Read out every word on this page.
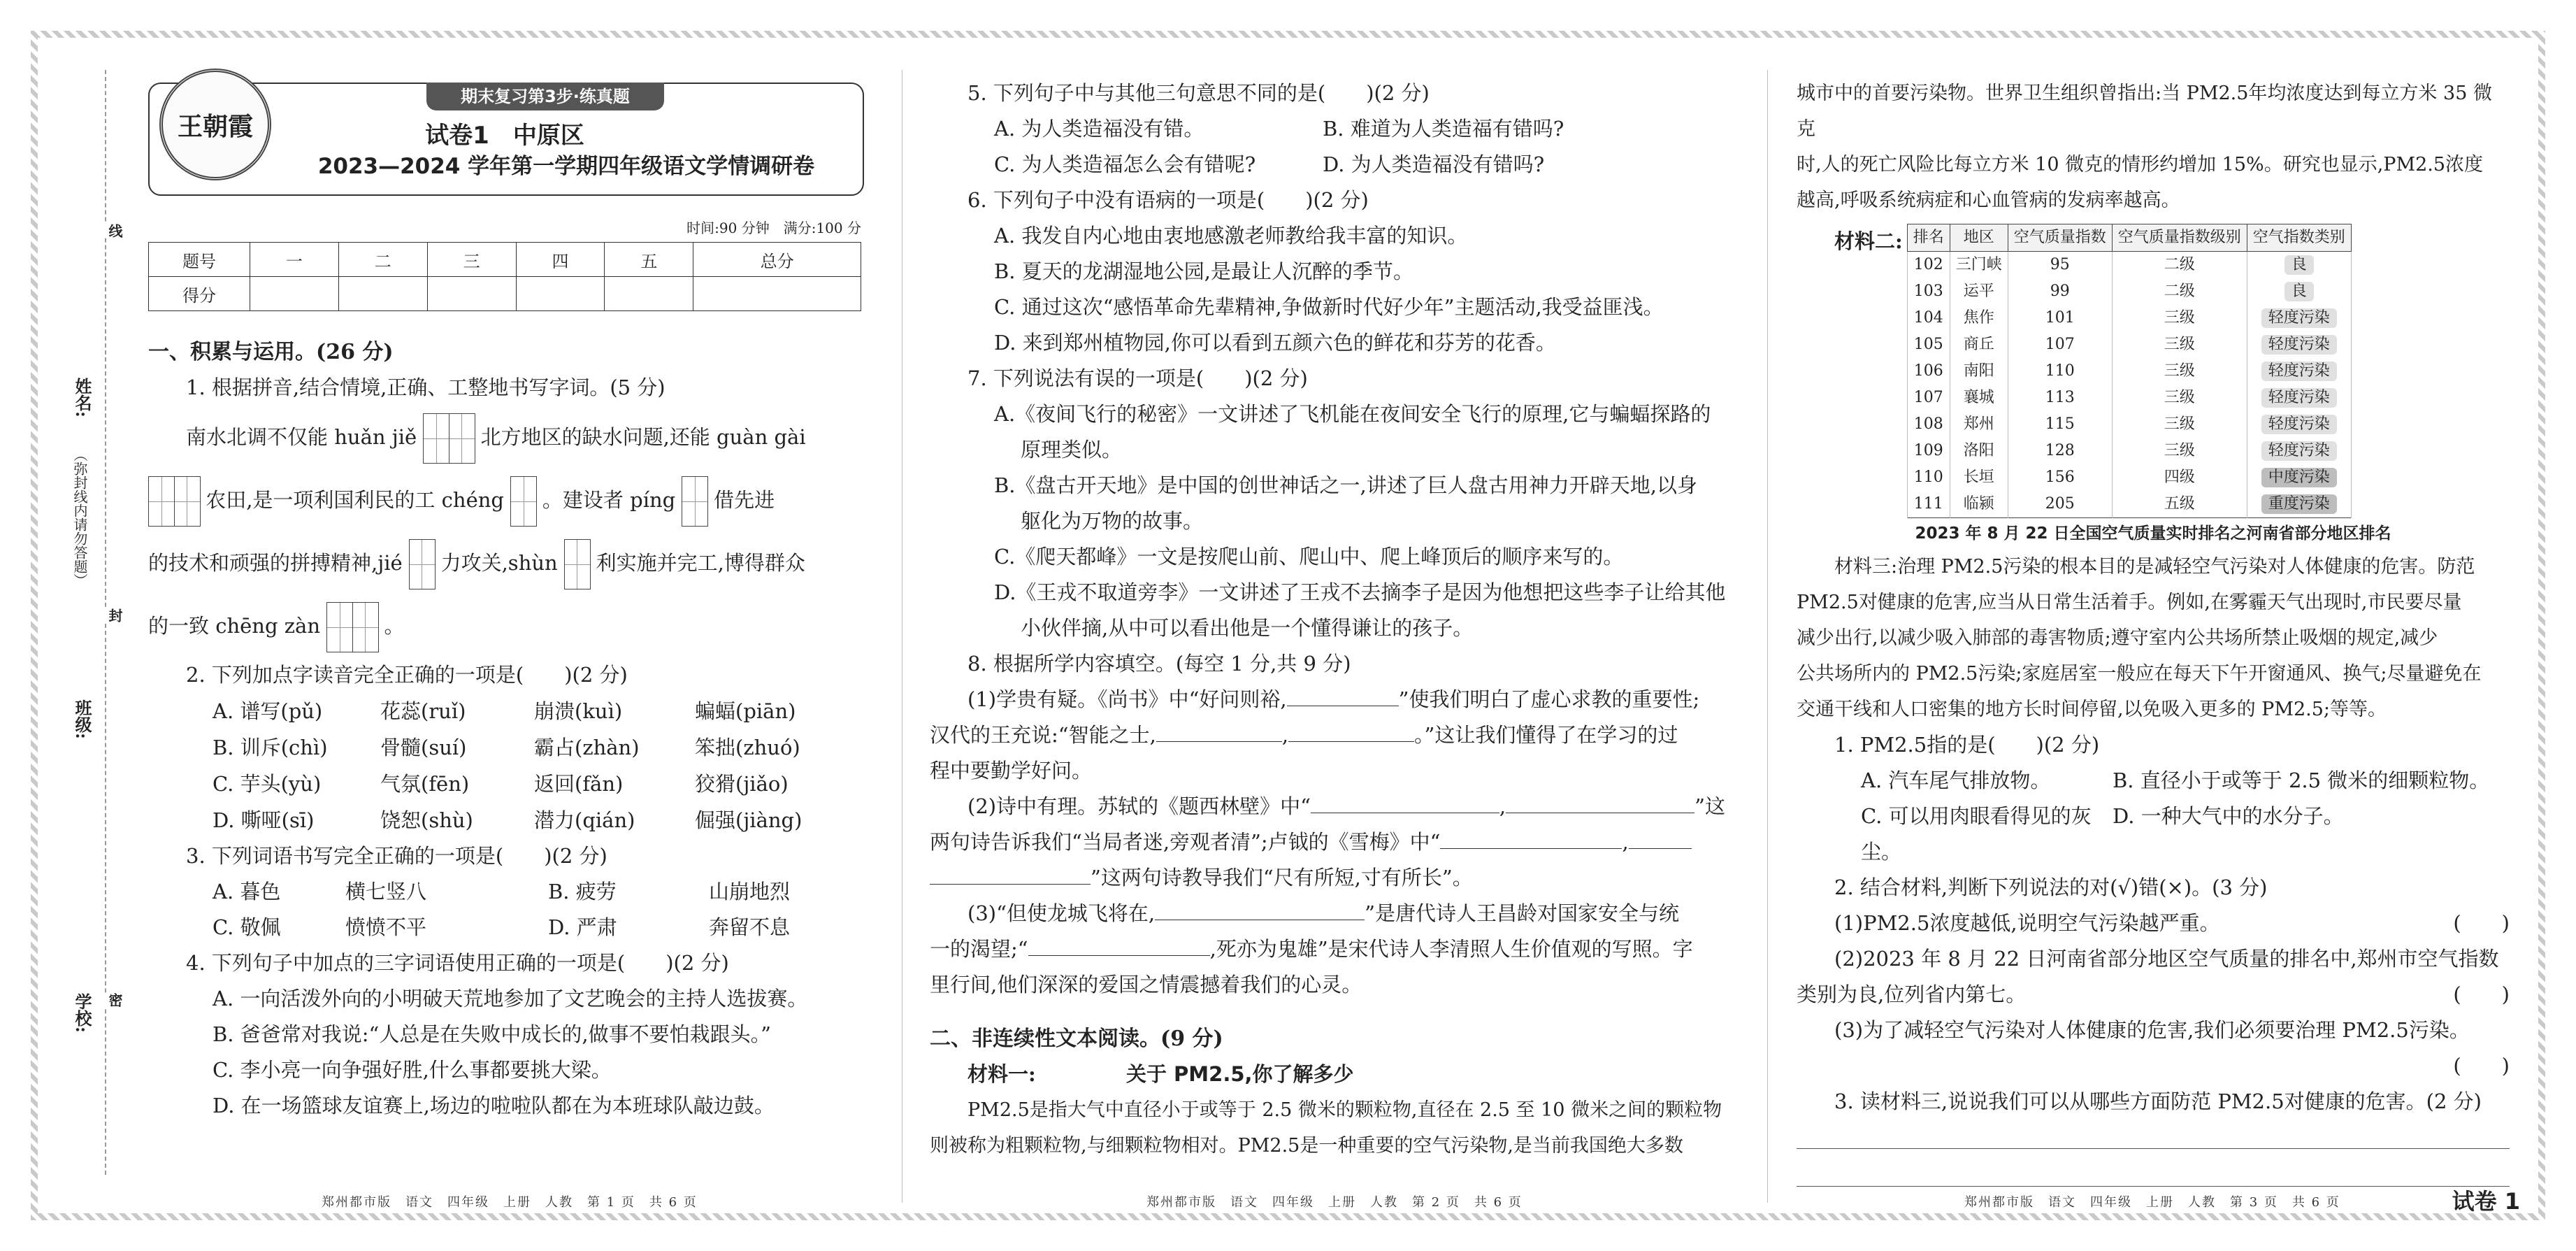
姓名:
班级:
学校:
（弥封线内请勿答题）
线
封
密
王朝霞
期末复习第3步·练真题
试卷1　中原区
2023—2024 学年第一学期四年级语文学情调研卷
时间:90 分钟　满分:100 分
题号	一	二	三	四	五	总分
得分						

一、积累与运用。(26 分)

1. 根据拼音,结合情境,正确、工整地书写字词。(5 分)

南水北调不仅能 huǎn jiě	北方地区的缺水问题,还能 guàn gài
农田,是一项利国利民的工 chéng 。建设者 píng 借先进
的技术和顽强的拼搏精神,jié 力攻关,shùn 利实施并完工,博得群众
的一致 chēng zàn	。

2. 下列加点字读音完全正确的一项是(　　)(2 分)

A. 谱写(pǔ)	花蕊(ruǐ)	崩溃(kuì)	蝙蝠(piān)
B. 训斥(chì)	骨髓(suí)	霸占(zhàn)	笨拙(zhuó)
C. 芋头(yù)	气氛(fēn)	返回(fǎn)	狡猾(jiǎo)
D. 嘶哑(sī)	饶恕(shù)	潜力(qián)	倔强(jiàng)

3. 下列词语书写完全正确的一项是(　　)(2 分)

A. 暮色	横七竖八	B. 疲劳	山崩地烈
C. 敬佩	愤愤不平	D. 严肃	奔留不息

4. 下列句子中加点的三字词语使用正确的一项是(　　)(2 分)

A. 一向活泼外向的小明破天荒地参加了文艺晚会的主持人选拔赛。

B. 爸爸常对我说:“人总是在失败中成长的,做事不要怕栽跟头。”

C. 李小亮一向争强好胜,什么事都要挑大梁。

D. 在一场篮球友谊赛上,场边的啦啦队都在为本班球队敲边鼓。

郑州都市版　语文　四年级　上册　人教　第 1 页　共 6 页

5. 下列句子中与其他三句意思不同的是(　　)(2 分)

A. 为人类造福没有错。	B. 难道为人类造福有错吗?
C. 为人类造福怎么会有错呢?	D. 为人类造福没有错吗?

6. 下列句子中没有语病的一项是(　　)(2 分)

A. 我发自内心地由衷地感激老师教给我丰富的知识。

B. 夏天的龙湖湿地公园,是最让人沉醉的季节。

C. 通过这次“感悟革命先辈精神,争做新时代好少年”主题活动,我受益匪浅。

D. 来到郑州植物园,你可以看到五颜六色的鲜花和芬芳的花香。

7. 下列说法有误的一项是(　　)(2 分)

A.《夜间飞行的秘密》一文讲述了飞机能在夜间安全飞行的原理,它与蝙蝠探路的

原理类似。

B.《盘古开天地》是中国的创世神话之一,讲述了巨人盘古用神力开辟天地,以身

躯化为万物的故事。

C.《爬天都峰》一文是按爬山前、爬山中、爬上峰顶后的顺序来写的。

D.《王戎不取道旁李》一文讲述了王戎不去摘李子是因为他想把这些李子让给其他

小伙伴摘,从中可以看出他是一个懂得谦让的孩子。

8. 根据所学内容填空。(每空 1 分,共 9 分)

(1)学贵有疑。《尚书》中“好问则裕,	”使我们明白了虚心求教的重要性;

汉代的王充说:“智能之士,	,	。”这让我们懂得了在学习的过

程中要勤学好问。

(2)诗中有理。苏轼的《题西林壁》中“	,	”这

两句诗告诉我们“当局者迷,旁观者清”;卢钺的《雪梅》中“	,

”这两句诗教导我们“尺有所短,寸有所长”。

(3)“但使龙城飞将在,	”是唐代诗人王昌龄对国家安全与统

一的渴望;“	,死亦为鬼雄”是宋代诗人李清照人生价值观的写照。字

里行间,他们深深的爱国之情震撼着我们的心灵。

二、非连续性文本阅读。(9 分)

材料一:	关于 PM2.5,你了解多少

PM2.5是指大气中直径小于或等于 2.5 微米的颗粒物,直径在 2.5 至 10 微米之间的颗粒物

则被称为粗颗粒物,与细颗粒物相对。PM2.5是一种重要的空气污染物,是当前我国绝大多数

郑州都市版　语文　四年级　上册　人教　第 2 页　共 6 页

城市中的首要污染物。世界卫生组织曾指出:当 PM2.5年均浓度达到每立方米 35 微克

时,人的死亡风险比每立方米 10 微克的情形约增加 15%。研究也显示,PM2.5浓度

越高,呼吸系统病症和心血管病的发病率越高。

材料二: 排名	地区	空气质量指数	空气质量指数级别	空气指数类别
102	三门峡	95	二级	良
103	运平	99	二级	良
104	焦作	101	三级	轻度污染
105	商丘	107	三级	轻度污染
106	南阳	110	三级	轻度污染
107	襄城	113	三级	轻度污染
108	郑州	115	三级	轻度污染
109	洛阳	128	三级	轻度污染
110	长垣	156	四级	中度污染
111	临颍	205	五级	重度污染

2023 年 8 月 22 日全国空气质量实时排名之河南省部分地区排名

材料三:治理 PM2.5污染的根本目的是减轻空气污染对人体健康的危害。防范

PM2.5对健康的危害,应当从日常生活着手。例如,在雾霾天气出现时,市民要尽量

减少出行,以减少吸入肺部的毒害物质;遵守室内公共场所禁止吸烟的规定,减少

公共场所内的 PM2.5污染;家庭居室一般应在每天下午开窗通风、换气;尽量避免在

交通干线和人口密集的地方长时间停留,以免吸入更多的 PM2.5;等等。

1. PM2.5指的是(　　)(2 分)

A. 汽车尾气排放物。	B. 直径小于或等于 2.5 微米的细颗粒物。
C. 可以用肉眼看得见的灰尘。
D. 一种大气中的水分子。

2. 结合材料,判断下列说法的对(√)错(×)。(3 分)

(1)PM2.5浓度越低,说明空气污染越严重。	(　　)

(2)2023 年 8 月 22 日河南省部分地区空气质量的排名中,郑州市空气指数

类别为良,位列省内第七。	(　　)

(3)为了减轻空气污染对人体健康的危害,我们必须要治理 PM2.5污染。

(　　)

3. 读材料三,说说我们可以从哪些方面防范 PM2.5对健康的危害。(2 分)

郑州都市版　语文　四年级　上册　人教　第 3 页　共 6 页	试卷 1
